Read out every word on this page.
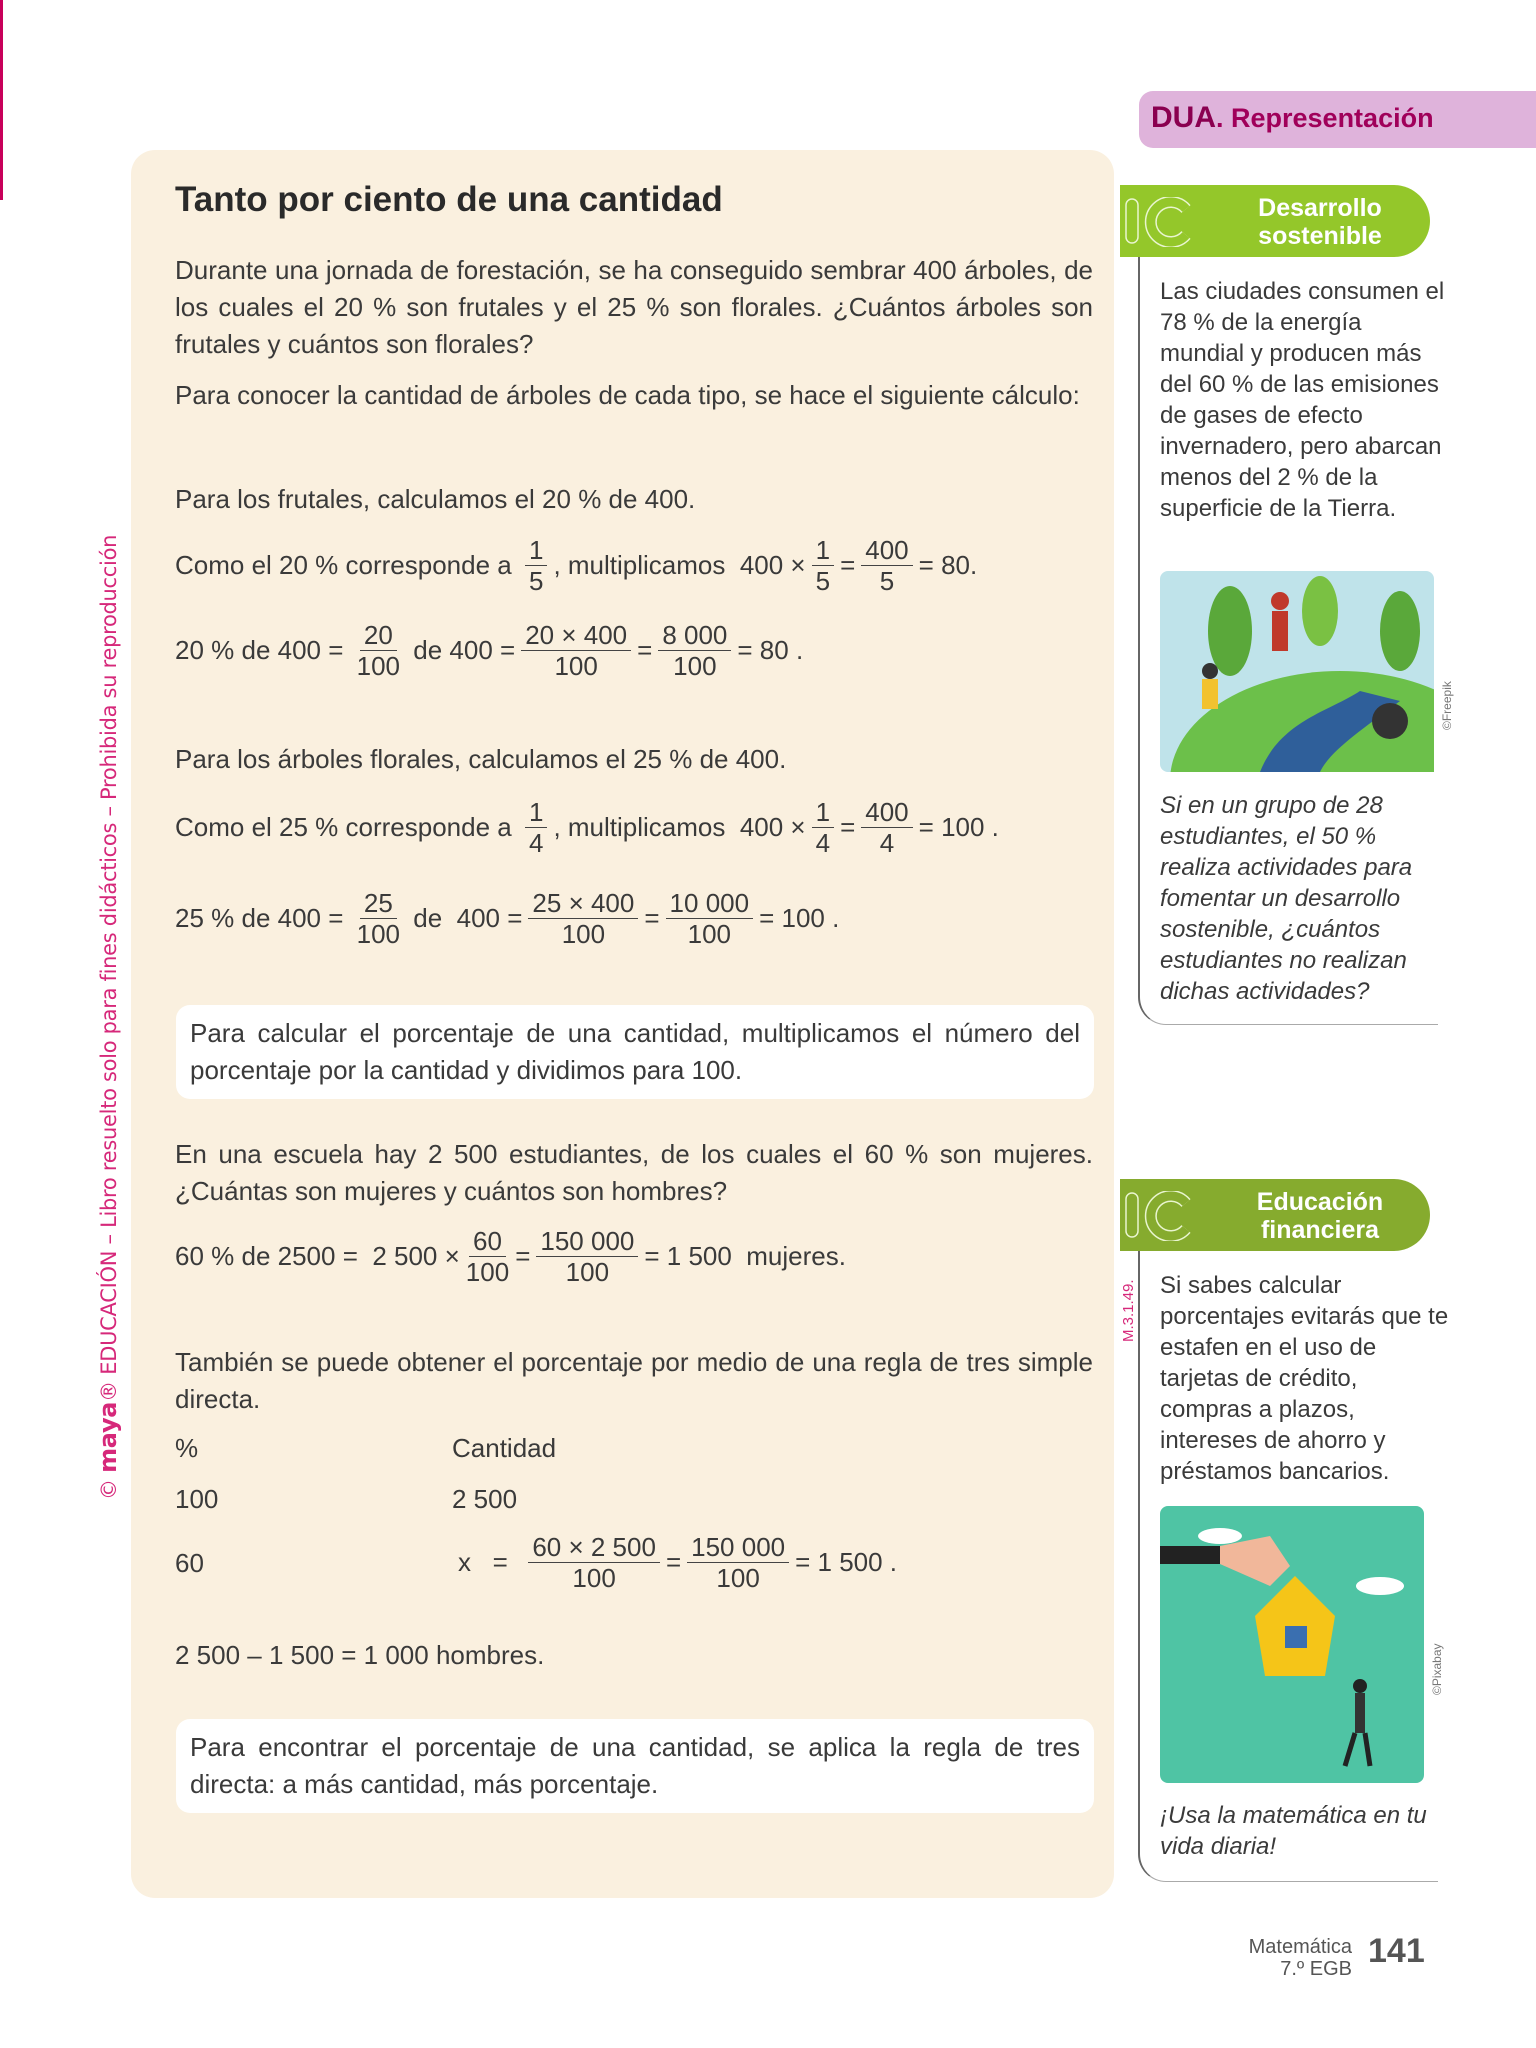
© maya® EDUCACIÓN – Libro resuelto solo para fines didácticos – Prohibida su reproducción
Tanto por ciento de una cantidad
Durante una jornada de forestación, se ha conseguido sembrar 400 árboles, de los cuales el 20 % son frutales y el 25 % son florales. ¿Cuántos árboles son frutales y cuántos son florales?
Para conocer la cantidad de árboles de cada tipo, se hace el siguiente cálculo:
Para los frutales, calculamos el 20 % de 400.
Como el 20 % corresponde a $\frac{1}{5}$ , multiplicamos  $400 \times \frac{1}{5} = \frac{400}{5} = 80$.
20 % de $400 = \frac{20}{100}$ de $400 = \frac{20 \times 400}{100} = \frac{8 000}{100} = 80$ .
Para los árboles florales, calculamos el 25 % de 400.
Como el 25 % corresponde a $\frac{1}{4}$ , multiplicamos  $400 \times \frac{1}{4} = \frac{400}{4} = 100$ .
25 % de $400 = \frac{25}{100}$ de  $400 = \frac{25 \times 400}{100} = \frac{10 000}{100} = 100$ .
Para calcular el porcentaje de una cantidad, multiplicamos el número del porcentaje por la cantidad y dividimos para 100.
En una escuela hay 2 500 estudiantes, de los cuales el 60 % son mujeres. ¿Cuántas son mujeres y cuántos son hombres?
60 % de 2500 =  2 $500 \times \frac{60}{100} = \frac{150 000}{100} = 1$ 500  mujeres.
También se puede obtener el porcentaje por medio de una regla de tres simple directa.
%	Cantidad
100	2 500
60	$x = \frac{60 \times 2 500}{100} = \frac{150 000}{100} = 1$ 500 .
2 500 – 1 500 = 1 000 hombres.
Para encontrar el porcentaje de una cantidad, se aplica la regla de tres directa: a más cantidad, más porcentaje.
DUA. Representación
Desarrollo
sostenible
Las ciudades consumen el 78 % de la energía mundial y producen más del 60 % de las emisiones de gases de efecto invernadero, pero abarcan menos del 2 % de la superficie de la Tierra.
©Freepik
Si en un grupo de 28 estudiantes, el 50 % realiza actividades para fomentar un desarrollo sostenible, ¿cuántos estudiantes no realizan dichas actividades?
Educación
financiera
M.3.1.49. Si sabes calcular porcentajes evitarás que te estafen en el uso de tarjetas de crédito, compras a plazos, intereses de ahorro y préstamos bancarios.
©Pixabay
¡Usa la matemática en tu vida diaria!
Matemática
7.º EGB 141
